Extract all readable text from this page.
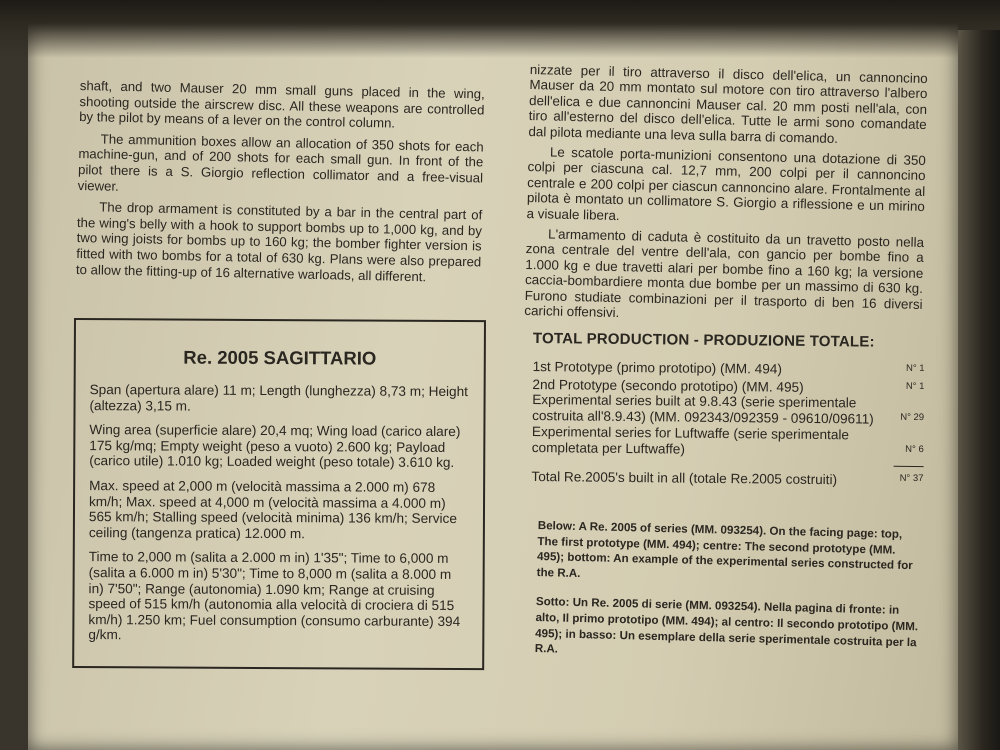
shaft, and two Mauser 20 mm small guns placed in the wing, shooting outside the airscrew disc. All these weapons are controlled by the pilot by means of a lever on the control column.

The ammunition boxes allow an allocation of 350 shots for each machine-gun, and of 200 shots for each small gun. In front of the pilot there is a S. Giorgio reflection collimator and a free-visual viewer.

The drop armament is constituted by a bar in the central part of the wing's belly with a hook to support bombs up to 1,000 kg, and by two wing joists for bombs up to 160 kg; the bomber fighter version is fitted with two bombs for a total of 630 kg. Plans were also prepared to allow the fitting-up of 16 alternative warloads, all different.

nizzate per il tiro attraverso il disco dell'elica, un cannoncino Mauser da 20 mm montato sul motore con tiro attraverso l'albero dell'elica e due cannoncini Mauser cal. 20 mm posti nell'ala, con tiro all'esterno del disco dell'elica. Tutte le armi sono comandate dal pilota mediante una leva sulla barra di comando.

Le scatole porta-munizioni consentono una dotazione di 350 colpi per ciascuna cal. 12,7 mm, 200 colpi per il cannoncino centrale e 200 colpi per ciascun cannoncino alare. Frontalmente al pilota è montato un collimatore S. Giorgio a riflessione e un mirino a visuale libera.

L'armamento di caduta è costituito da un travetto posto nella zona centrale del ventre dell'ala, con gancio per bombe fino a 1.000 kg e due travetti alari per bombe fino a 160 kg; la versione caccia-bombardiere monta due bombe per un massimo di 630 kg. Furono studiate combinazioni per il trasporto di ben 16 diversi carichi offensivi.

Re. 2005 SAGITTARIO

Span (apertura alare) 11 m; Length (lunghezza) 8,73 m; Height (altezza) 3,15 m.

Wing area (superficie alare) 20,4 mq; Wing load (carico alare) 175 kg/mq; Empty weight (peso a vuoto) 2.600 kg; Payload (carico utile) 1.010 kg; Loaded weight (peso totale) 3.610 kg.

Max. speed at 2,000 m (velocità massima a 2.000 m) 678 km/h; Max. speed at 4,000 m (velocità massima a 4.000 m) 565 km/h; Stalling speed (velocità minima) 136 km/h; Service ceiling (tangenza pratica) 12.000 m.

Time to 2,000 m (salita a 2.000 m in) 1'35"; Time to 6,000 m (salita a 6.000 m in) 5'30"; Time to 8,000 m (salita a 8.000 m in) 7'50"; Range (autonomia) 1.090 km; Range at cruising speed of 515 km/h (autonomia alla velocità di crociera di 515 km/h) 1.250 km; Fuel consumption (consumo carburante) 394 g/km.

TOTAL PRODUCTION - PRODUZIONE TOTALE:
1st Prototype (primo prototipo) (MM. 494)	N° 1
2nd Prototype (secondo prototipo) (MM. 495)	N° 1
Experimental series built at 9.8.43 (serie sperimentale costruita all'8.9.43) (MM. 092343/092359 - 09610/09611)	N° 29
Experimental series for Luftwaffe (serie sperimentale completata per Luftwaffe)	N° 6
Total Re.2005's built in all (totale Re.2005 costruiti)	N° 37

Below: A Re. 2005 of series (MM. 093254). On the facing page: top, The first prototype (MM. 494); centre: The second prototype (MM. 495); bottom: An example of the experimental series constructed for the R.A.

Sotto: Un Re. 2005 di serie (MM. 093254). Nella pagina di fronte: in alto, Il primo prototipo (MM. 494); al centro: Il secondo prototipo (MM. 495); in basso: Un esemplare della serie sperimentale costruita per la R.A.
